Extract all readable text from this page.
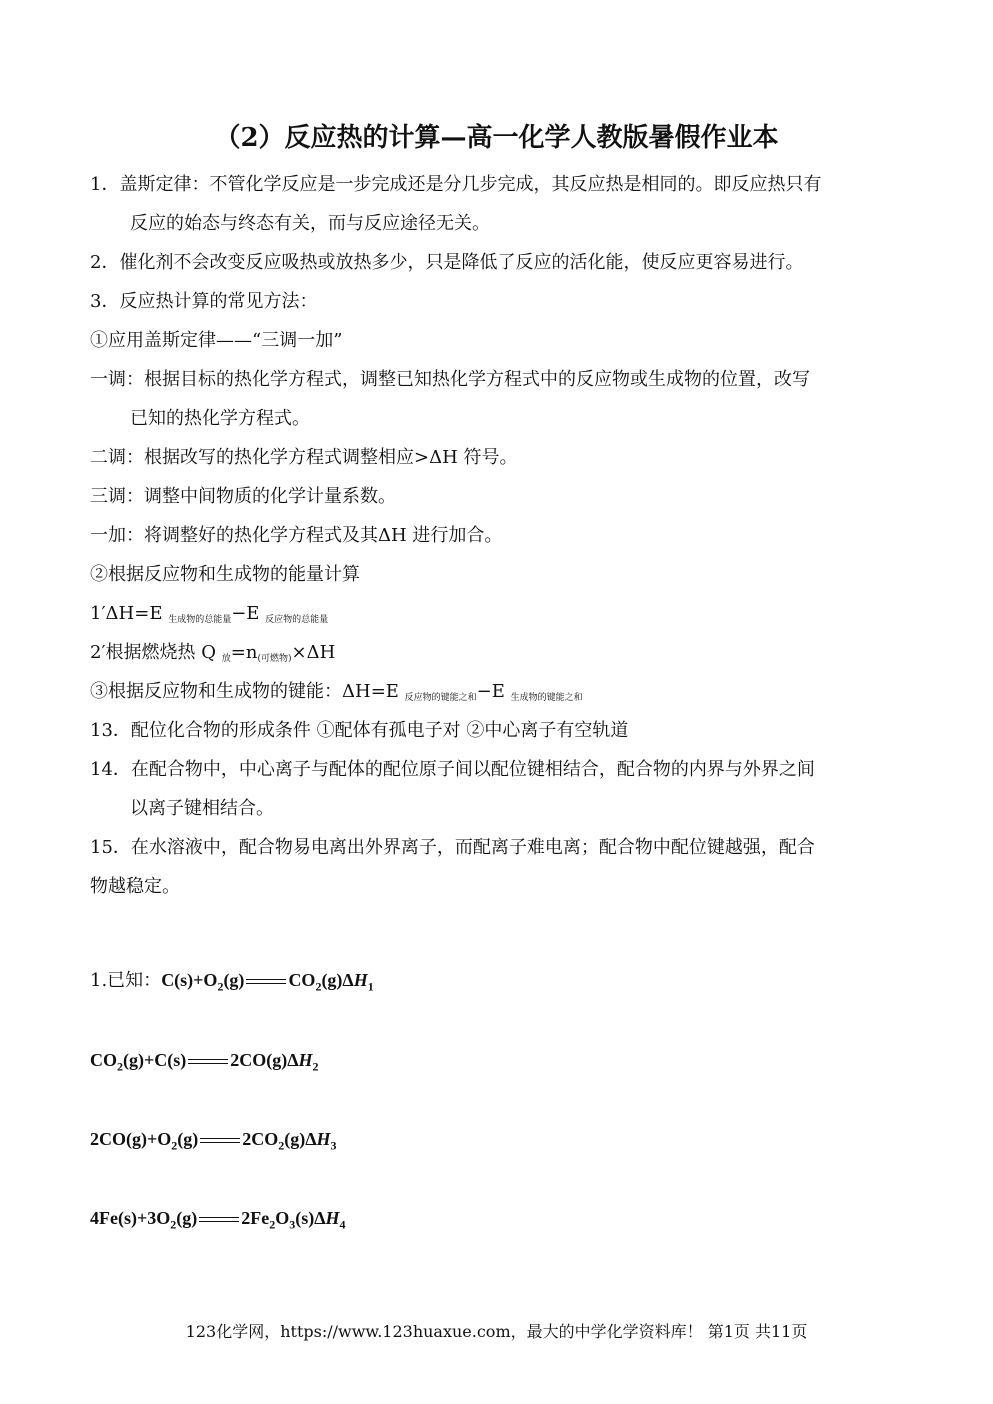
（2）反应热的计算—高一化学人教版暑假作业本
1．盖斯定律：不管化学反应是一步完成还是分几步完成，其反应热是相同的。即反应热只有
反应的始态与终态有关，而与反应途径无关。
2．催化剂不会改变反应吸热或放热多少，只是降低了反应的活化能，使反应更容易进行。
3．反应热计算的常见方法：
①应用盖斯定律——“三调一加”
一调：根据目标的热化学方程式，调整已知热化学方程式中的反应物或生成物的位置，改写
已知的热化学方程式。
二调：根据改写的热化学方程式调整相应>ΔH 符号。
三调：调整中间物质的化学计量系数。
一加：将调整好的热化学方程式及其ΔH 进行加合。
②根据反应物和生成物的能量计算
1′ΔH=E 生成物的总能量−E 反应物的总能量
2′根据燃烧热 Q 放=n(可燃物)×ΔH
③根据反应物和生成物的键能：ΔH=E 反应物的键能之和−E 生成物的键能之和
13．配位化合物的形成条件 ①配体有孤电子对 ②中心离子有空轨道
14．在配合物中，中心离子与配体的配位原子间以配位键相结合，配合物的内界与外界之间
以离子键相结合。
15．在水溶液中，配合物易电离出外界离子，而配离子难电离；配合物中配位键越强，配合
物越稳定。
1.已知：$C(s)+O_2(g)$ $CO_2(g)\Delta H_1$
$CO_2(g)+C(s)$ $2CO(g)\Delta H_2$
$2CO(g)+O_2(g)$ $2CO_2(g)\Delta H_3$
$4Fe(s)+3O_2(g)$ $2Fe_2O_3(s)\Delta H_4$
123化学网，https://www.123huaxue.com，最大的中学化学资料库！ 第1页 共11页
